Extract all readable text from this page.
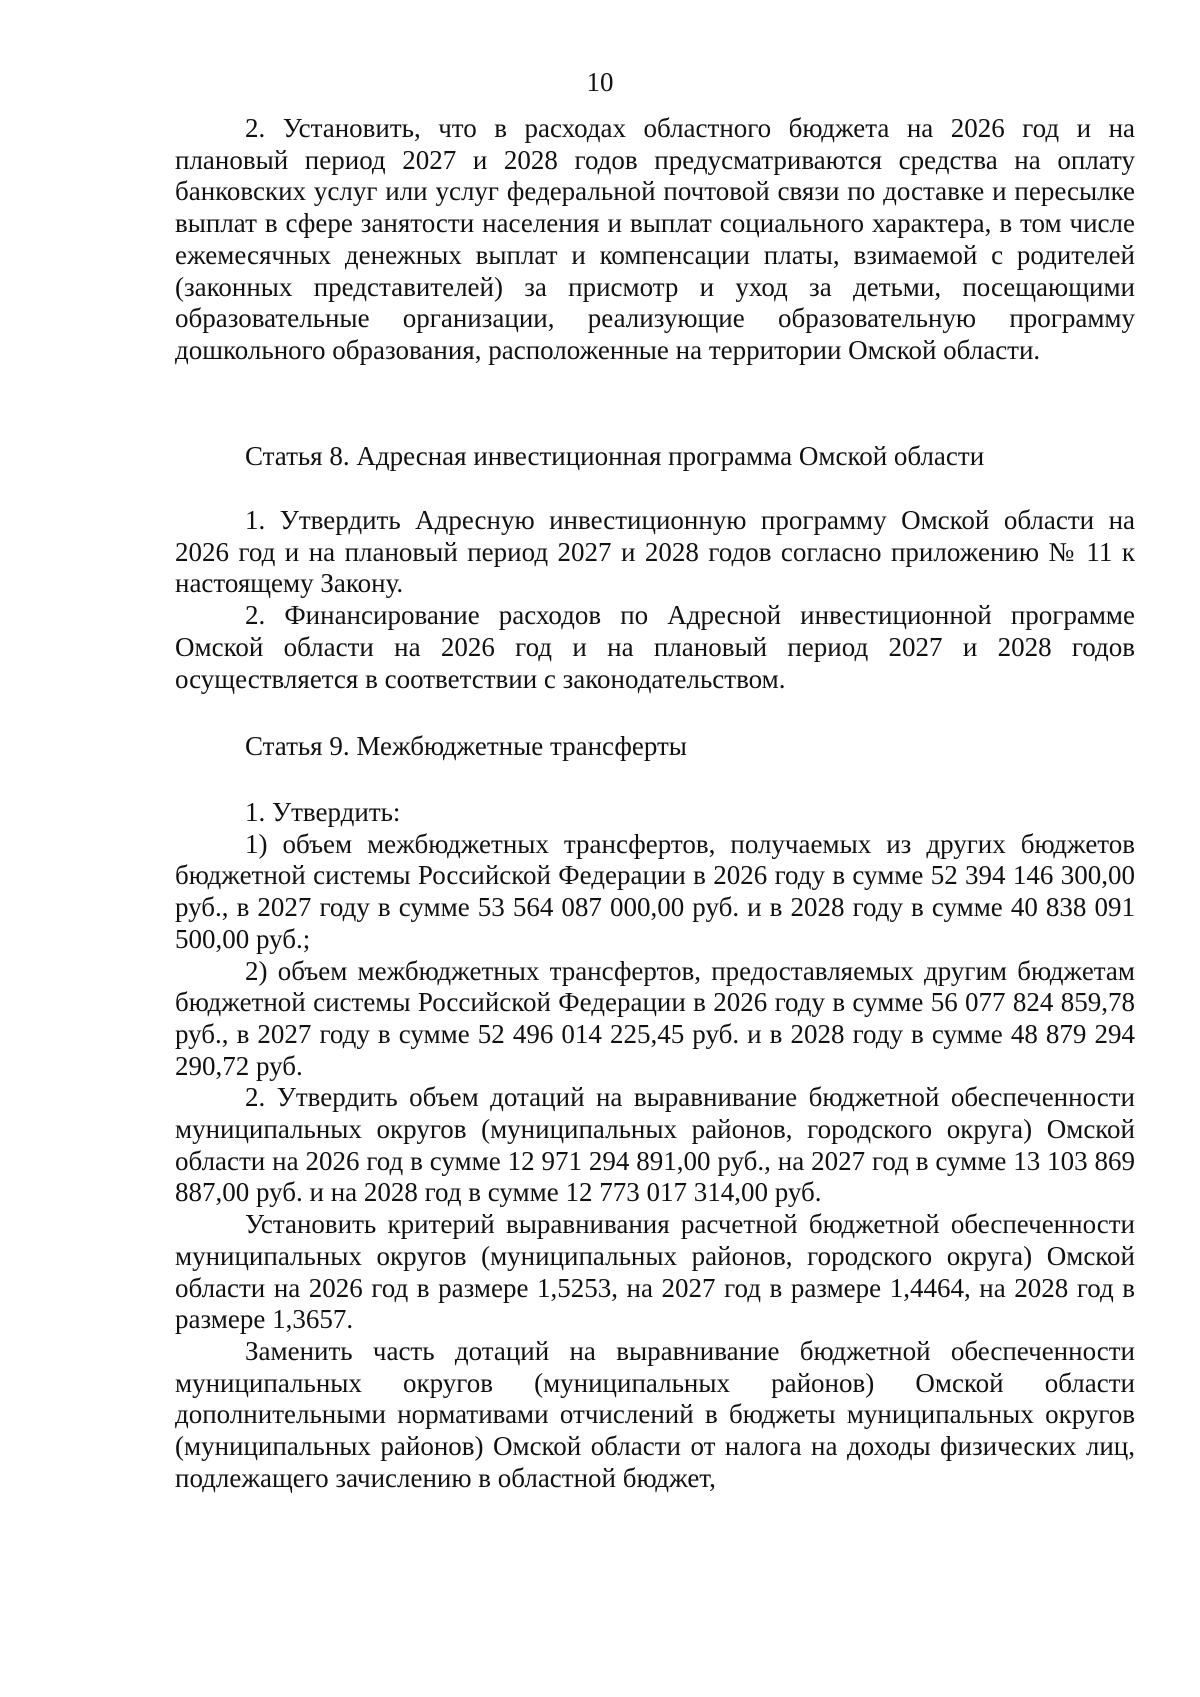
10

2. Установить, что в расходах областного бюджета на 2026 год и на плановый период 2027 и 2028 годов предусматриваются средства на оплату банковских услуг или услуг федеральной почтовой связи по доставке и пересылке выплат в сфере занятости населения и выплат социального характера, в том числе ежемесячных денежных выплат и компенсации платы, взимаемой с родителей (законных представителей) за присмотр и уход за детьми, посещающими образовательные организации, реализующие образовательную программу дошкольного образования, расположенные на территории Омской области.

Статья 8. Адресная инвестиционная программа Омской области

1. Утвердить Адресную инвестиционную программу Омской области на 2026 год и на плановый период 2027 и 2028 годов согласно приложению № 11 к настоящему Закону.

2. Финансирование расходов по Адресной инвестиционной программе Омской области на 2026 год и на плановый период 2027 и 2028 годов осуществляется в соответствии с законодательством.

Статья 9. Межбюджетные трансферты

1. Утвердить:

1) объем межбюджетных трансфертов, получаемых из других бюджетов бюджетной системы Российской Федерации в 2026 году в сумме 52 394 146 300,00 руб., в 2027 году в сумме 53 564 087 000,00 руб. и в 2028 году в сумме 40 838 091 500,00 руб.;

2) объем межбюджетных трансфертов, предоставляемых другим бюджетам бюджетной системы Российской Федерации в 2026 году в сумме 56 077 824 859,78 руб., в 2027 году в сумме 52 496 014 225,45 руб. и в 2028 году в сумме 48 879 294 290,72 руб.

2. Утвердить объем дотаций на выравнивание бюджетной обеспеченности муниципальных округов (муниципальных районов, городского округа) Омской области на 2026 год в сумме 12 971 294 891,00 руб., на 2027 год в сумме 13 103 869 887,00 руб. и на 2028 год в сумме 12 773 017 314,00 руб.

Установить критерий выравнивания расчетной бюджетной обеспеченности муниципальных округов (муниципальных районов, городского округа) Омской области на 2026 год в размере 1,5253, на 2027 год в размере 1,4464, на 2028 год в размере 1,3657.

Заменить часть дотаций на выравнивание бюджетной обеспеченности муниципальных округов (муниципальных районов) Омской области дополнительными нормативами отчислений в бюджеты муниципальных округов (муниципальных районов) Омской области от налога на доходы физических лиц, подлежащего зачислению в областной бюджет,
